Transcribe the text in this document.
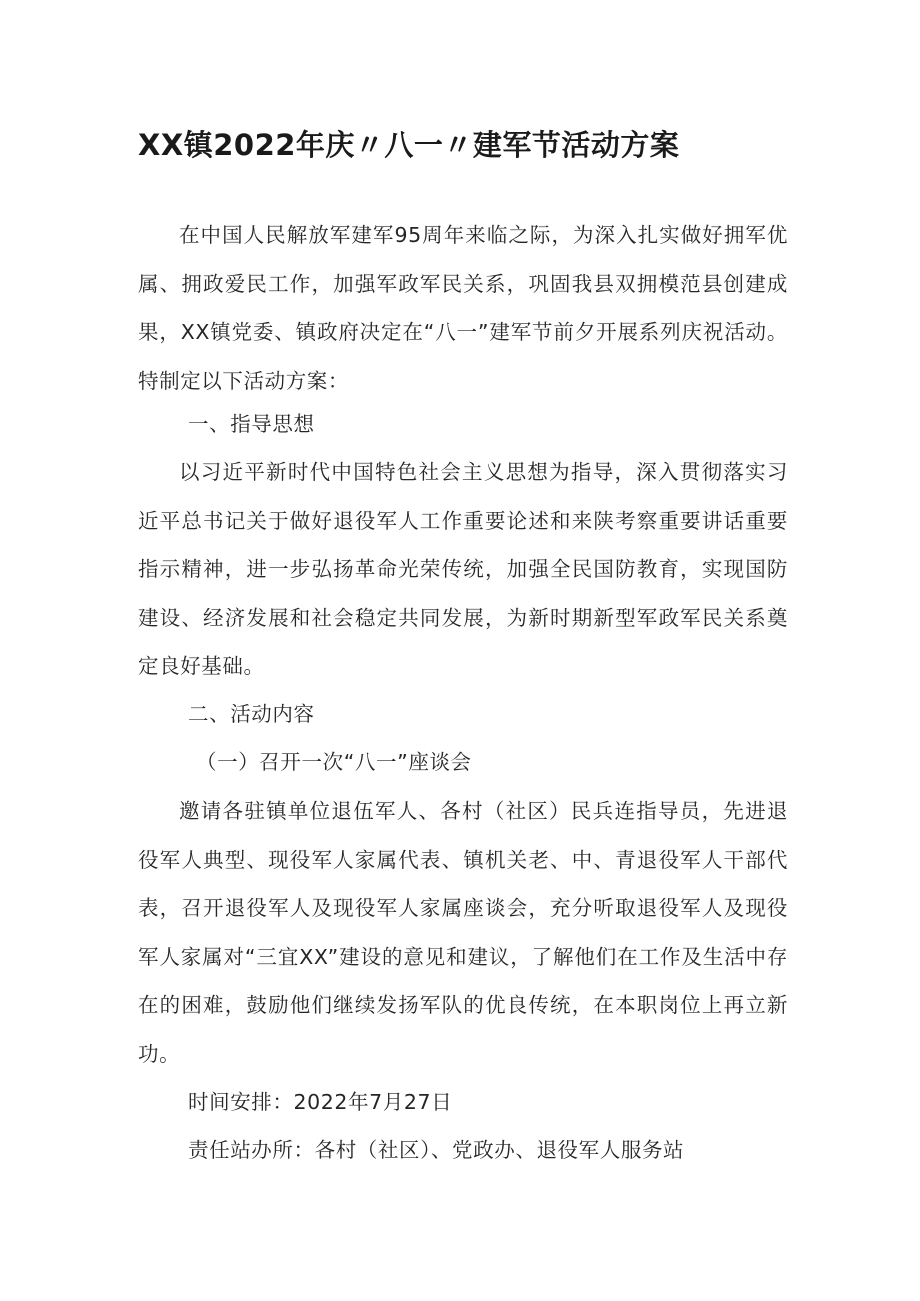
XX镇2022年庆〃八一〃建军节活动方案
在中国人民解放军建军95周年来临之际，为深入扎实做好拥军优属、拥政爱民工作，加强军政军民关系，巩固我县双拥模范县创建成果，XX镇党委、镇政府决定在“八一”建军节前夕开展系列庆祝活动。特制定以下活动方案：
一、指导思想
以习近平新时代中国特色社会主义思想为指导，深入贯彻落实习近平总书记关于做好退役军人工作重要论述和来陕考察重要讲话重要指示精神，进一步弘扬革命光荣传统，加强全民国防教育，实现国防建设、经济发展和社会稳定共同发展，为新时期新型军政军民关系奠定良好基础。
二、活动内容
（一）召开一次“八一”座谈会
邀请各驻镇单位退伍军人、各村（社区）民兵连指导员，先进退役军人典型、现役军人家属代表、镇机关老、中、青退役军人干部代表，召开退役军人及现役军人家属座谈会，充分听取退役军人及现役军人家属对“三宜XX”建设的意见和建议，了解他们在工作及生活中存在的困难，鼓励他们继续发扬军队的优良传统，在本职岗位上再立新功。
时间安排：2022年7月27日
责任站办所：各村（社区）、党政办、退役军人服务站
